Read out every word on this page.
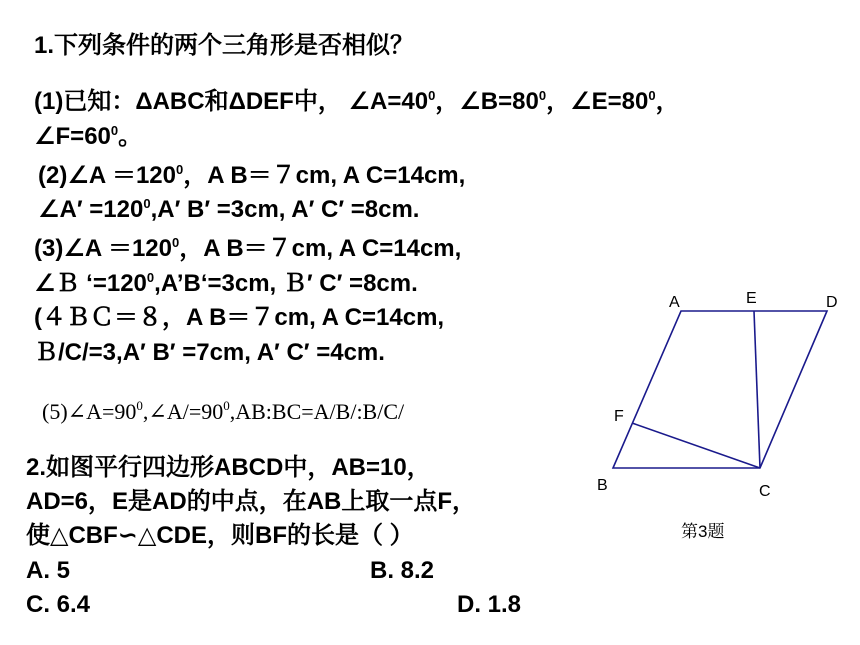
1.下列条件的两个三角形是否相似？
(1)已知：ΔABC和ΔDEF中， $\angle A=40^0$，$\angle B=80^0$，$\angle E=80^0$，
$\angle F=60^0$。
(2)∠A $=120^0$，A B＝７cm, A C=14cm,
∠A′ $=120^0,A'$ B′ =3cm, A′ C′ =8cm.
(3)∠A $=120^0$，A B＝７cm, A C=14cm,
∠Ｂ ‘$=120^0,A’B‘=3cm$, Ｂ′ C′ =8cm.
(４ＢＣ＝８，A B＝７cm, A C=14cm,
Ｂ/C/=3,A′ B′ =7cm, A′ C′ =4cm.
$(5)\angle A=90^0,\angle A/=90^0,AB:BC=A/B/:B/C/$
2.如图平行四边形ABCD中，AB=10，
AD=6，E是AD的中点，在AB上取一点F，
使△CBF∽△CDE，则BF的长是（ ）
A. 5	B. 8.2
C. 6.4	D. 1.8
A	E	D
F
B	C
第3题
